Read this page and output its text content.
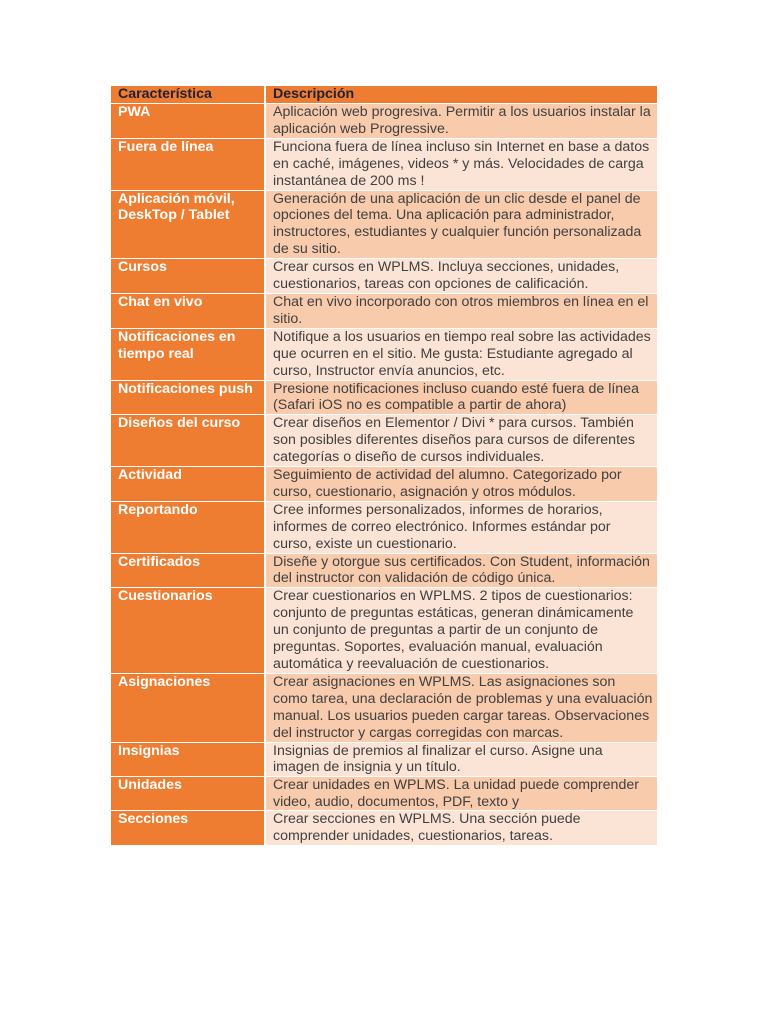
Característica	Descripción
PWA	Aplicación web progresiva. Permitir a los usuarios instalar la aplicación web Progressive.
Fuera de línea	Funciona fuera de línea incluso sin Internet en base a datos en caché, imágenes, videos * y más. Velocidades de carga instantánea de 200 ms !
Aplicación móvil, DeskTop / Tablet	Generación de una aplicación de un clic desde el panel de opciones del tema. Una aplicación para administrador, instructores, estudiantes y cualquier función personalizada de su sitio.
Cursos	Crear cursos en WPLMS. Incluya secciones, unidades, cuestionarios, tareas con opciones de calificación.
Chat en vivo	Chat en vivo incorporado con otros miembros en línea en el sitio.
Notificaciones en tiempo real	Notifique a los usuarios en tiempo real sobre las actividades que ocurren en el sitio. Me gusta: Estudiante agregado al curso, Instructor envía anuncios, etc.
Notificaciones push	Presione notificaciones incluso cuando esté fuera de línea (Safari iOS no es compatible a partir de ahora)
Diseños del curso	Crear diseños en Elementor / Divi * para cursos. También son posibles diferentes diseños para cursos de diferentes categorías o diseño de cursos individuales.
Actividad	Seguimiento de actividad del alumno. Categorizado por curso, cuestionario, asignación y otros módulos.
Reportando	Cree informes personalizados, informes de horarios, informes de correo electrónico. Informes estándar por curso, existe un cuestionario.
Certificados	Diseñe y otorgue sus certificados. Con Student, información del instructor con validación de código única.
Cuestionarios	Crear cuestionarios en WPLMS. 2 tipos de cuestionarios: conjunto de preguntas estáticas, generan dinámicamente un conjunto de preguntas a partir de un conjunto de preguntas. Soportes, evaluación manual, evaluación automática y reevaluación de cuestionarios.
Asignaciones	Crear asignaciones en WPLMS. Las asignaciones son como tarea, una declaración de problemas y una evaluación manual. Los usuarios pueden cargar tareas. Observaciones del instructor y cargas corregidas con marcas.
Insignias	Insignias de premios al finalizar el curso. Asigne una imagen de insignia y un título.

Unidades	Crear unidades en WPLMS. La unidad puede comprender video, audio, documentos, PDF, texto y

Secciones	Crear secciones en WPLMS. Una sección puede comprender unidades, cuestionarios, tareas.
